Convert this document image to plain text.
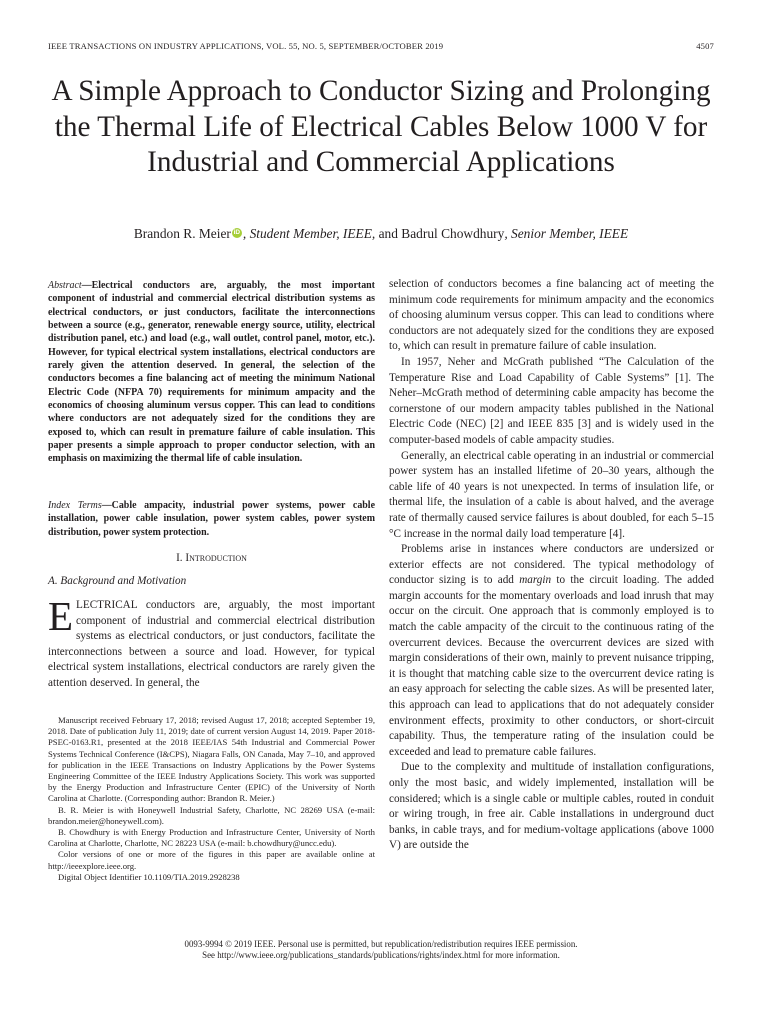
IEEE TRANSACTIONS ON INDUSTRY APPLICATIONS, VOL. 55, NO. 5, SEPTEMBER/OCTOBER 2019	4507
A Simple Approach to Conductor Sizing and Prolonging the Thermal Life of Electrical Cables Below 1000 V for Industrial and Commercial Applications
Brandon R. Meier iD , Student Member, IEEE, and Badrul Chowdhury, Senior Member, IEEE
Abstract—Electrical conductors are, arguably, the most important component of industrial and commercial electrical distribution systems as electrical conductors, or just conductors, facilitate the interconnections between a source (e.g., generator, renewable energy source, utility, electrical distribution panel, etc.) and load (e.g., wall outlet, control panel, motor, etc.). However, for typical electrical system installations, electrical conductors are rarely given the attention deserved. In general, the selection of the conductors becomes a fine balancing act of meeting the minimum National Electric Code (NFPA 70) requirements for minimum ampacity and the economics of choosing aluminum versus copper. This can lead to conditions where conductors are not adequately sized for the conditions they are exposed to, which can result in premature failure of cable insulation. This paper presents a simple approach to proper conductor selection, with an emphasis on maximizing the thermal life of cable insulation.
Index Terms—Cable ampacity, industrial power systems, power cable installation, power cable insulation, power system cables, power system distribution, power system protection.
I. Introduction
A. Background and Motivation
ELECTRICAL conductors are, arguably, the most important component of industrial and commercial electrical distribution systems as electrical conductors, or just conductors, facilitate the interconnections between a source and load. However, for typical electrical system installations, electrical conductors are rarely given the attention deserved. In general, the

Manuscript received February 17, 2018; revised August 17, 2018; accepted September 19, 2018. Date of publication July 11, 2019; date of current version August 14, 2019. Paper 2018-PSEC-0163.R1, presented at the 2018 IEEE/IAS 54th Industrial and Commercial Power Systems Technical Conference (I&CPS), Niagara Falls, ON Canada, May 7–10, and approved for publication in the IEEE Transactions on Industry Applications by the Power Systems Engineering Committee of the IEEE Industry Applications Society. This work was supported by the Energy Production and Infrastructure Center (EPIC) of the University of North Carolina at Charlotte. (Corresponding author: Brandon R. Meier.)

B. R. Meier is with Honeywell Industrial Safety, Charlotte, NC 28269 USA (e-mail: brandon.meier@honeywell.com).

B. Chowdhury is with Energy Production and Infrastructure Center, University of North Carolina at Charlotte, Charlotte, NC 28223 USA (e-mail: b.chowdhury@uncc.edu).

Color versions of one or more of the figures in this paper are available online at http://ieeexplore.ieee.org.

Digital Object Identifier 10.1109/TIA.2019.2928238

selection of conductors becomes a fine balancing act of meeting the minimum code requirements for minimum ampacity and the economics of choosing aluminum versus copper. This can lead to conditions where conductors are not adequately sized for the conditions they are exposed to, which can result in premature failure of cable insulation.

In 1957, Neher and McGrath published “The Calculation of the Temperature Rise and Load Capability of Cable Systems” [1]. The Neher–McGrath method of determining cable ampacity has become the cornerstone of our modern ampacity tables published in the National Electric Code (NEC) [2] and IEEE 835 [3] and is widely used in the computer-based models of cable ampacity studies.

Generally, an electrical cable operating in an industrial or commercial power system has an installed lifetime of 20–30 years, although the cable life of 40 years is not unexpected. In terms of insulation life, or thermal life, the insulation of a cable is about halved, and the average rate of thermally caused service failures is about doubled, for each 5–15 °C increase in the normal daily load temperature [4].

Problems arise in instances where conductors are undersized or exterior effects are not considered. The typical methodology of conductor sizing is to add margin to the circuit loading. The added margin accounts for the momentary overloads and load inrush that may occur on the circuit. One approach that is commonly employed is to match the cable ampacity of the circuit to the continuous rating of the overcurrent devices. Because the overcurrent devices are sized with margin considerations of their own, mainly to prevent nuisance tripping, it is thought that matching cable size to the overcurrent device rating is an easy approach for selecting the cable sizes. As will be presented later, this approach can lead to applications that do not adequately consider environment effects, proximity to other conductors, or short-circuit capability. Thus, the temperature rating of the insulation could be exceeded and lead to premature cable failures.

Due to the complexity and multitude of installation configurations, only the most basic, and widely implemented, installation will be considered; which is a single cable or multiple cables, routed in conduit or wiring trough, in free air. Cable installations in underground duct banks, in cable trays, and for medium-voltage applications (above 1000 V) are outside the

0093-9994 © 2019 IEEE. Personal use is permitted, but republication/redistribution requires IEEE permission.
See http://www.ieee.org/publications_standards/publications/rights/index.html for more information.
